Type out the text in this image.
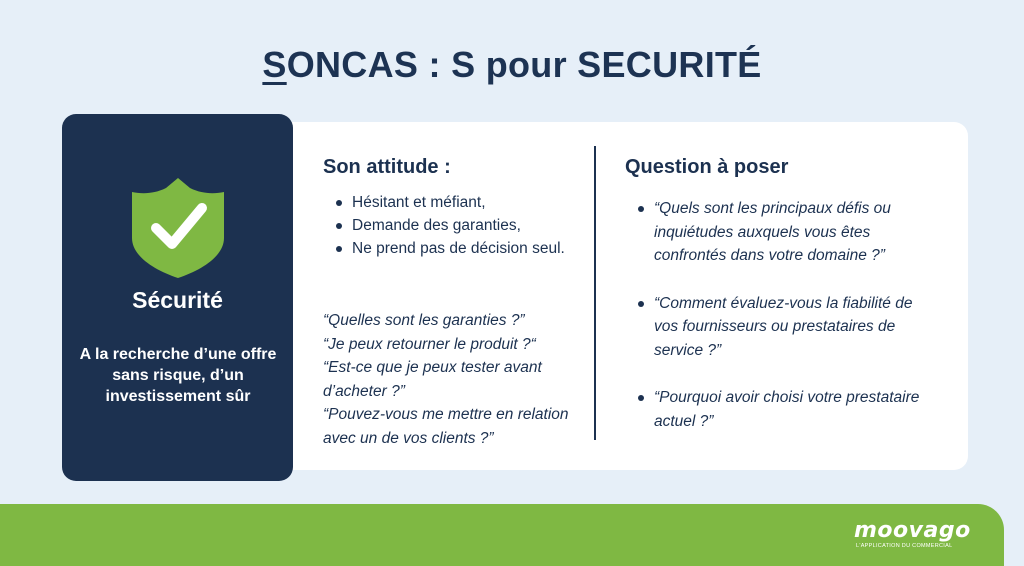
SONCAS : S pour SECURITÉ
Sécurité
A la recherche d’une offre sans risque, d’un investissement sûr
Son attitude :
Hésitant et méfiant,
Demande des garanties,
Ne prend pas de décision seul.
“Quelles sont les garanties ?”
“Je peux retourner le produit ?“
“Est-ce que je peux tester avant d’acheter ?”
“Pouvez-vous me mettre en relation avec un de vos clients ?”
Question à poser
“Quels sont les principaux défis ou inquiétudes auxquels vous êtes confrontés dans votre domaine ?”
“Comment évaluez-vous la fiabilité de vos fournisseurs ou prestataires de service ?”
“Pourquoi avoir choisi votre prestataire actuel ?”
moovago
L'APPLICATION DU COMMERCIAL
